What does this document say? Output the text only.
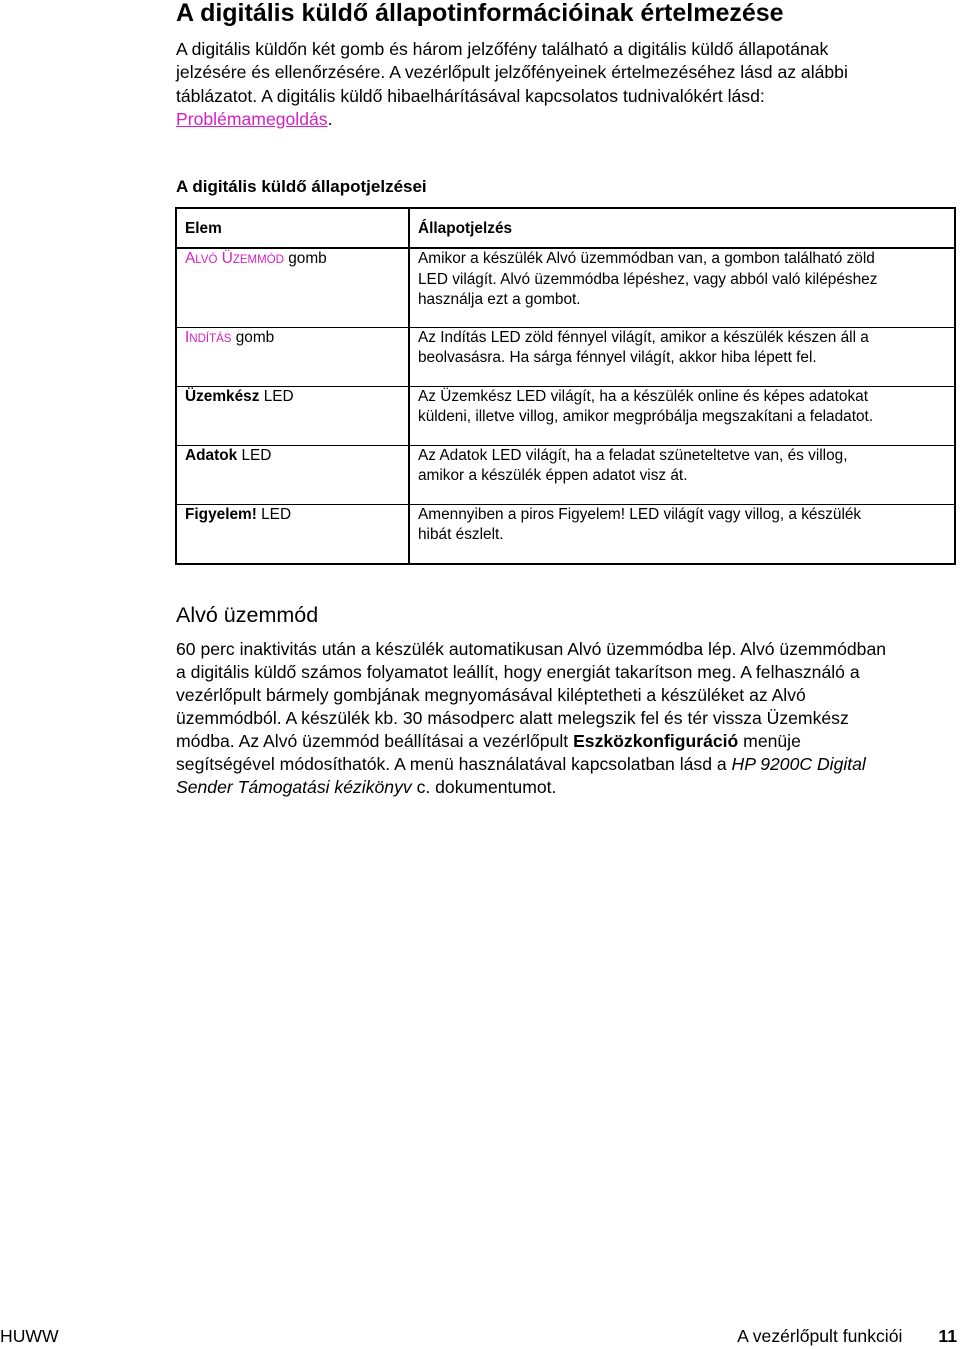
A digitális küldő állapotinformációinak értelmezése

A digitális küldőn két gomb és három jelzőfény található a digitális küldő állapotának
jelzésére és ellenőrzésére. A vezérlőpult jelzőfényeinek értelmezéséhez lásd az alábbi
táblázatot. A digitális küldő hibaelhárításával kapcsolatos tudnivalókért lásd:
Problémamegoldás.

A digitális küldő állapotjelzései

Elem	Állapotjelzés
ALVÓ ÜZEMMÓD gomb	Amikor a készülék Alvó üzemmódban van, a gombon található zöld
LED világít. Alvó üzemmódba lépéshez, vagy abból való kilépéshez
használja ezt a gombot.
INDÍTÁS gomb	Az Indítás LED zöld fénnyel világít, amikor a készülék készen áll a
beolvasásra. Ha sárga fénnyel világít, akkor hiba lépett fel.
Üzemkész LED	Az Üzemkész LED világít, ha a készülék online és képes adatokat
küldeni, illetve villog, amikor megpróbálja megszakítani a feladatot.
Adatok LED	Az Adatok LED világít, ha a feladat szüneteltetve van, és villog,
amikor a készülék éppen adatot visz át.
Figyelem! LED	Amennyiben a piros Figyelem! LED világít vagy villog, a készülék
hibát észlelt.
Alvó üzemmód

60 perc inaktivitás után a készülék automatikusan Alvó üzemmódba lép. Alvó üzemmódban
a digitális küldő számos folyamatot leállít, hogy energiát takarítson meg. A felhasználó a
vezérlőpult bármely gombjának megnyomásával kiléptetheti a készüléket az Alvó
üzemmódból. A készülék kb. 30 másodperc alatt melegszik fel és tér vissza Üzemkész
módba. Az Alvó üzemmód beállításai a vezérlőpult Eszközkonfiguráció menüje
segítségével módosíthatók. A menü használatával kapcsolatban lásd a HP 9200C Digital
Sender Támogatási kézikönyv c. dokumentumot.

HUWW	A vezérlőpult funkciói 11
